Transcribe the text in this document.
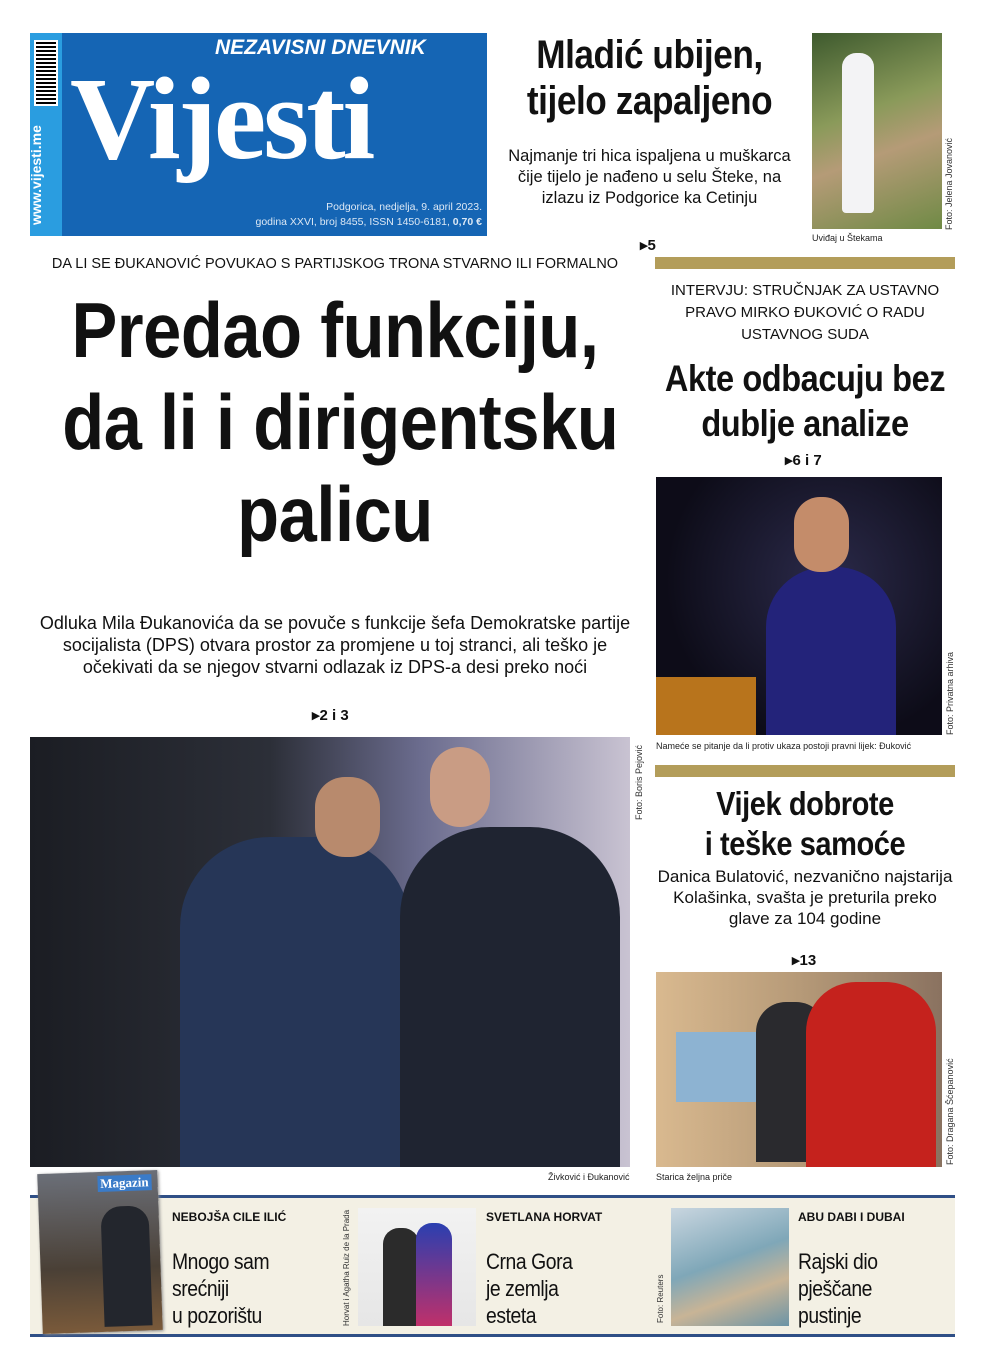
www.vijesti.me
NEZAVISNI DNEVNIK
Vijesti
Podgorica, nedjelja, 9. april 2023.
godina XXVI, broj 8455, ISSN 1450-6181, 0,70 €
Mladić ubijen,
tijelo zapaljeno
Najmanje tri hica ispaljena u muškarca čije tijelo je nađeno u selu Šteke, na izlazu iz Podgorice ka Cetinju
▸5
Foto: Jelena Jovanović
Uviđaj u Štekama
DA LI SE ĐUKANOVIĆ POVUKAO S PARTIJSKOG TRONA STVARNO ILI FORMALNO
Predao funkciju,
da li i dirigentsku
palicu
Odluka Mila Đukanovića da se povuče s funkcije šefa Demokratske partije socijalista (DPS) otvara prostor za promjene u toj stranci, ali teško je očekivati da se njegov stvarni odlazak iz DPS-a desi preko noći
▸2 i 3
Foto: Boris Pejović
Živković i Đukanović
INTERVJU: STRUČNJAK ZA USTAVNO PRAVO MIRKO ĐUKOVIĆ O RADU USTAVNOG SUDA
Akte odbacuju bez
dublje analize
▸6 i 7
Foto: Privatna arhiva
Nameće se pitanje da li protiv ukaza postoji pravni lijek: Đuković
Vijek dobrote
i teške samoće
Danica Bulatović, nezvanično najstarija Kolašinka, svašta je preturila preko glave za 104 godine
▸13
Foto: Dragana Šćepanović
Starica željna priče
NEBOJŠA CILE ILIĆ
Mnogo sam
srećniji
u pozorištu	Horvat i Agatha Ruiz de la Prada	SVETLANA HORVAT
Crna Gora
je zemlja
esteta	Foto: Reuters
ABU DABI I DUBAI
Rajski dio
pješčane
pustinje
Magazin
